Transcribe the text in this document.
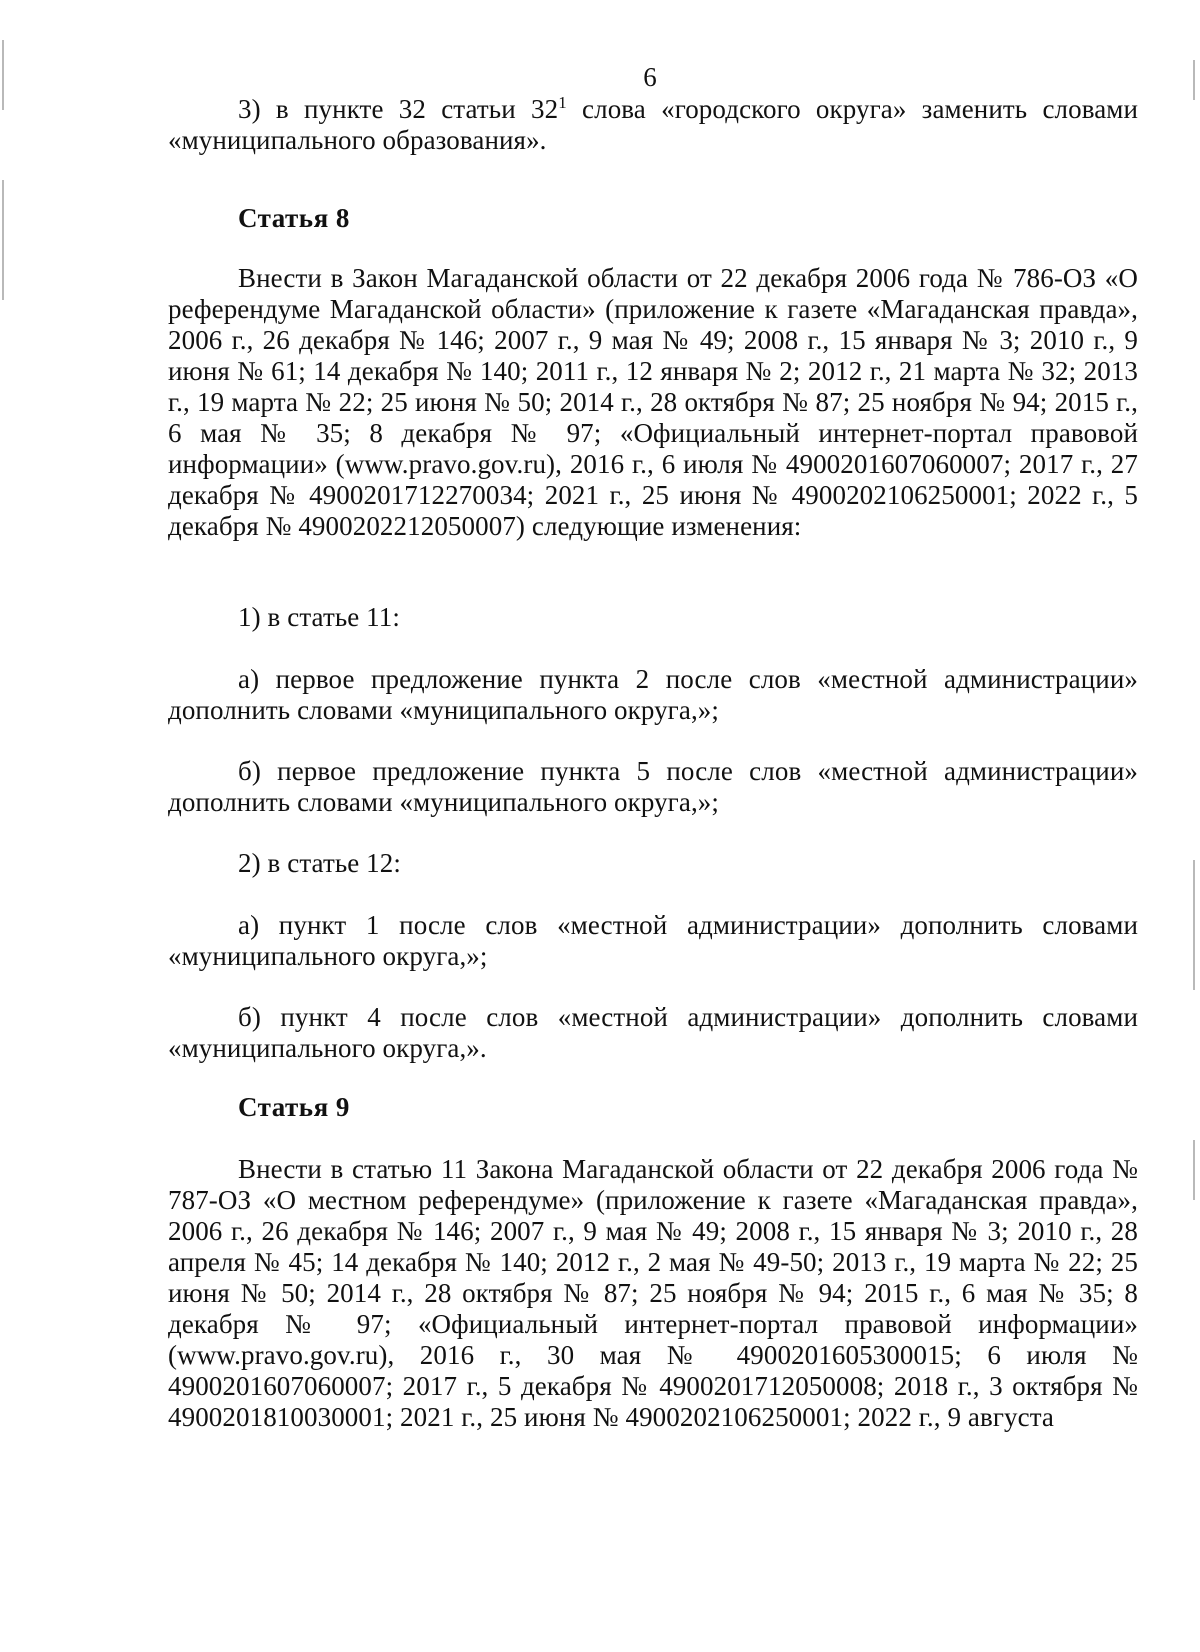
6

3) в пункте 32 статьи $32^1$ слова «городского округа» заменить словами «муниципального образования».

Статья 8

Внести в Закон Магаданской области от 22 декабря 2006 года № 786-ОЗ «О референдуме Магаданской области» (приложение к газете «Магаданская правда», 2006 г., 26 декабря № 146; 2007 г., 9 мая № 49; 2008 г., 15 января № 3; 2010 г., 9 июня № 61; 14 декабря № 140; 2011 г., 12 января № 2; 2012 г., 21 марта № 32; 2013 г., 19 марта № 22; 25 июня № 50; 2014 г., 28 октября № 87; 25 ноября № 94; 2015 г., 6 мая № 35; 8 декабря № 97; «Официальный интернет-портал правовой информации» (www.pravo.gov.ru), 2016 г., 6 июля № 4900201607060007; 2017 г., 27 декабря № 4900201712270034; 2021 г., 25 июня № 4900202106250001; 2022 г., 5 декабря № 4900202212050007) следующие изменения:

1) в статье 11:

а) первое предложение пункта 2 после слов «местной администрации» дополнить словами «муниципального округа,»;

б) первое предложение пункта 5 после слов «местной администрации» дополнить словами «муниципального округа,»;

2) в статье 12:

а) пункт 1 после слов «местной администрации» дополнить словами «муниципального округа,»;

б) пункт 4 после слов «местной администрации» дополнить словами «муниципального округа,».

Статья 9

Внести в статью 11 Закона Магаданской области от 22 декабря 2006 года № 787-ОЗ «О местном референдуме» (приложение к газете «Магаданская правда», 2006 г., 26 декабря № 146; 2007 г., 9 мая № 49; 2008 г., 15 января № 3; 2010 г., 28 апреля № 45; 14 декабря № 140; 2012 г., 2 мая № 49-50; 2013 г., 19 марта № 22; 25 июня № 50; 2014 г., 28 октября № 87; 25 ноября № 94; 2015 г., 6 мая № 35; 8 декабря № 97; «Официальный интернет-портал правовой информации» (www.pravo.gov.ru), 2016 г., 30 мая № 4900201605300015; 6 июля № 4900201607060007; 2017 г., 5 декабря № 4900201712050008; 2018 г., 3 октября № 4900201810030001; 2021 г., 25 июня № 4900202106250001; 2022 г., 9 августа
